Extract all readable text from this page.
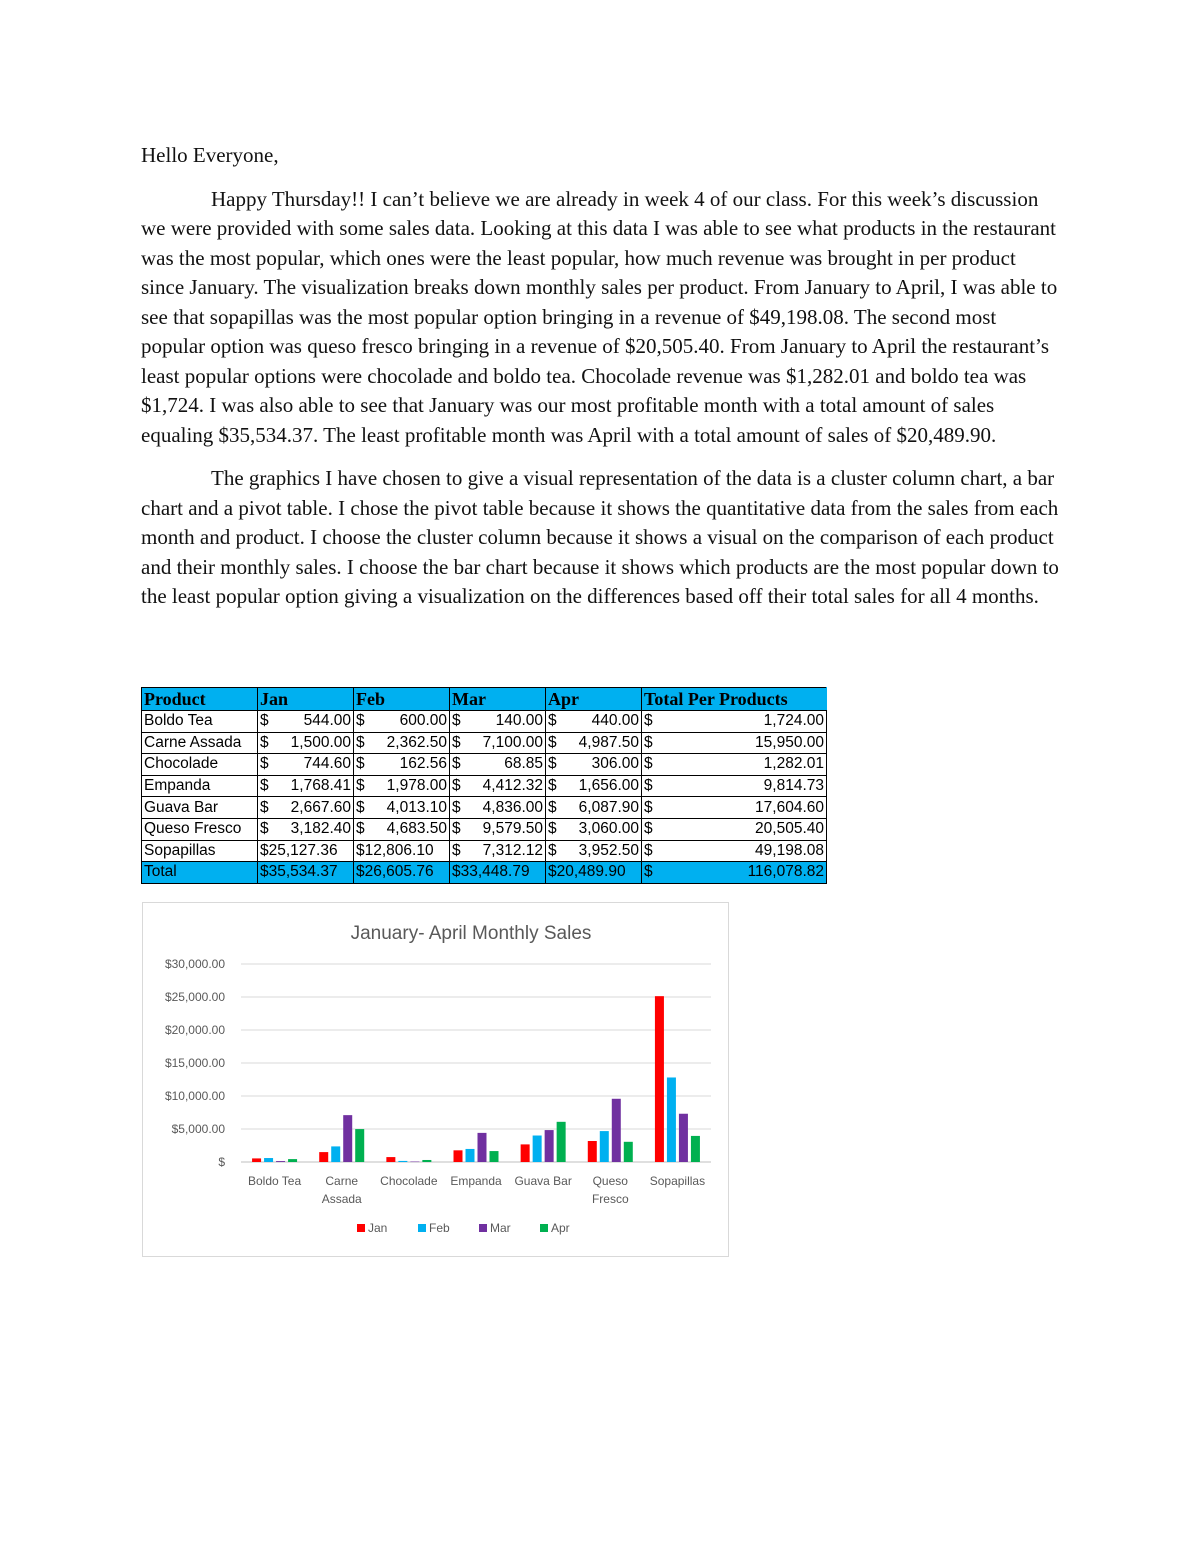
Hello Everyone,

Happy Thursday!! I can’t believe we are already in week 4 of our class. For this week’s discussion we were provided with some sales data. Looking at this data I was able to see what products in the restaurant was the most popular, which ones were the least popular, how much revenue was brought in per product since January. The visualization breaks down monthly sales per product. From January to April, I was able to see that sopapillas was the most popular option bringing in a revenue of $49,198.08. The second most popular option was queso fresco bringing in a revenue of $20,505.40. From January to April the restaurant’s least popular options were chocolade and boldo tea. Chocolade revenue was $1,282.01 and boldo tea was $1,724. I was also able to see that January was our most profitable month with a total amount of sales equaling $35,534.37. The least profitable month was April with a total amount of sales of $20,489.90.

The graphics I have chosen to give a visual representation of the data is a cluster column chart, a bar chart and a pivot table. I chose the pivot table because it shows the quantitative data from the sales from each month and product. I choose the cluster column because it shows a visual on the comparison of each product and their monthly sales. I choose the bar chart because it shows which products are the most popular down to the least popular option giving a visualization on the differences based off their total sales for all 4 months.

Product	Jan	Feb	Mar	Apr	Total Per Products
Boldo Tea	$ 544.00	$ 600.00	$ 140.00	$ 440.00	$ 1,724.00

Carne Assada	$ 1,500.00	$ 2,362.50	$ 7,100.00	$ 4,987.50	$ 15,950.00

Chocolade	$ 744.60	$ 162.56	$ 68.85	$ 306.00	$ 1,282.01

Empanda	$ 1,768.41	$ 1,978.00	$ 4,412.32	$ 1,656.00	$ 9,814.73

Guava Bar	$ 2,667.60	$ 4,013.10	$ 4,836.00	$ 6,087.90	$ 17,604.60

Queso Fresco	$ 3,182.40	$ 4,683.50	$ 9,579.50	$ 3,060.00	$ 20,505.40

Sopapillas	$25,127.36	$12,806.10	$ 7,312.12	$ 3,952.50	$ 49,198.08

Total	$35,534.37	$26,605.76	$33,448.79	$20,489.90	$ 116,078.82
January- April Monthly Sales
$
$5,000.00
$10,000.00
$15,000.00
$20,000.00
$25,000.00
$30,000.00
Boldo Tea Carne
Assada
Chocolade Empanda Guava Bar Queso
Fresco
Sopapillas
Jan	Feb	Mar	Apr
